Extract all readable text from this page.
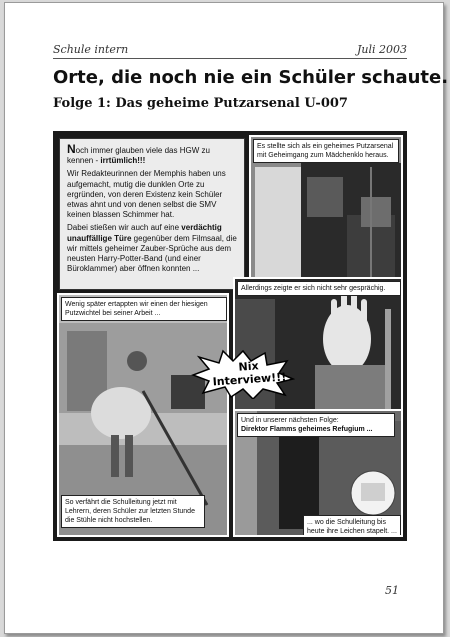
Schule intern	Juli 2003
Orte, die noch nie ein Schüler schaute.
Folge 1: Das geheime Putzarsenal U-007

Noch immer glauben viele das HGW zu kennen - irrtümlich!!!

Wir Redakteurinnen der Memphis haben uns aufgemacht, mutig die dunklen Orte zu ergründen, von deren Existenz kein Schüler etwas ahnt und von denen selbst die SMV keinen blassen Schimmer hat.

Dabei stießen wir auch auf eine verdächtig unauffällige Türe gegenüber dem Filmsaal, die wir mittels geheimer Zauber-Sprüche aus dem neusten Harry-Potter-Band (und einer Büroklammer) aber öffnen konnten ...

Es stellte sich als ein geheimes Putzarsenal mit Geheimgang zum Mädchenklo heraus.
Allerdings zeigte er sich nicht sehr gesprächig.
Wenig später ertappten wir einen der hiesigen Putzwichtel bei seiner Arbeit ...
So verfährt die Schulleitung jetzt mit Lehrern, deren Schüler zur letzten Stunde die Stühle nicht hochstellen.
Und in unserer nächsten Folge:
Direktor Flamms geheimes Refugium ...
... wo die Schulleitung bis heute ihre Leichen stapelt. ...
Nix Interview!!!
51
